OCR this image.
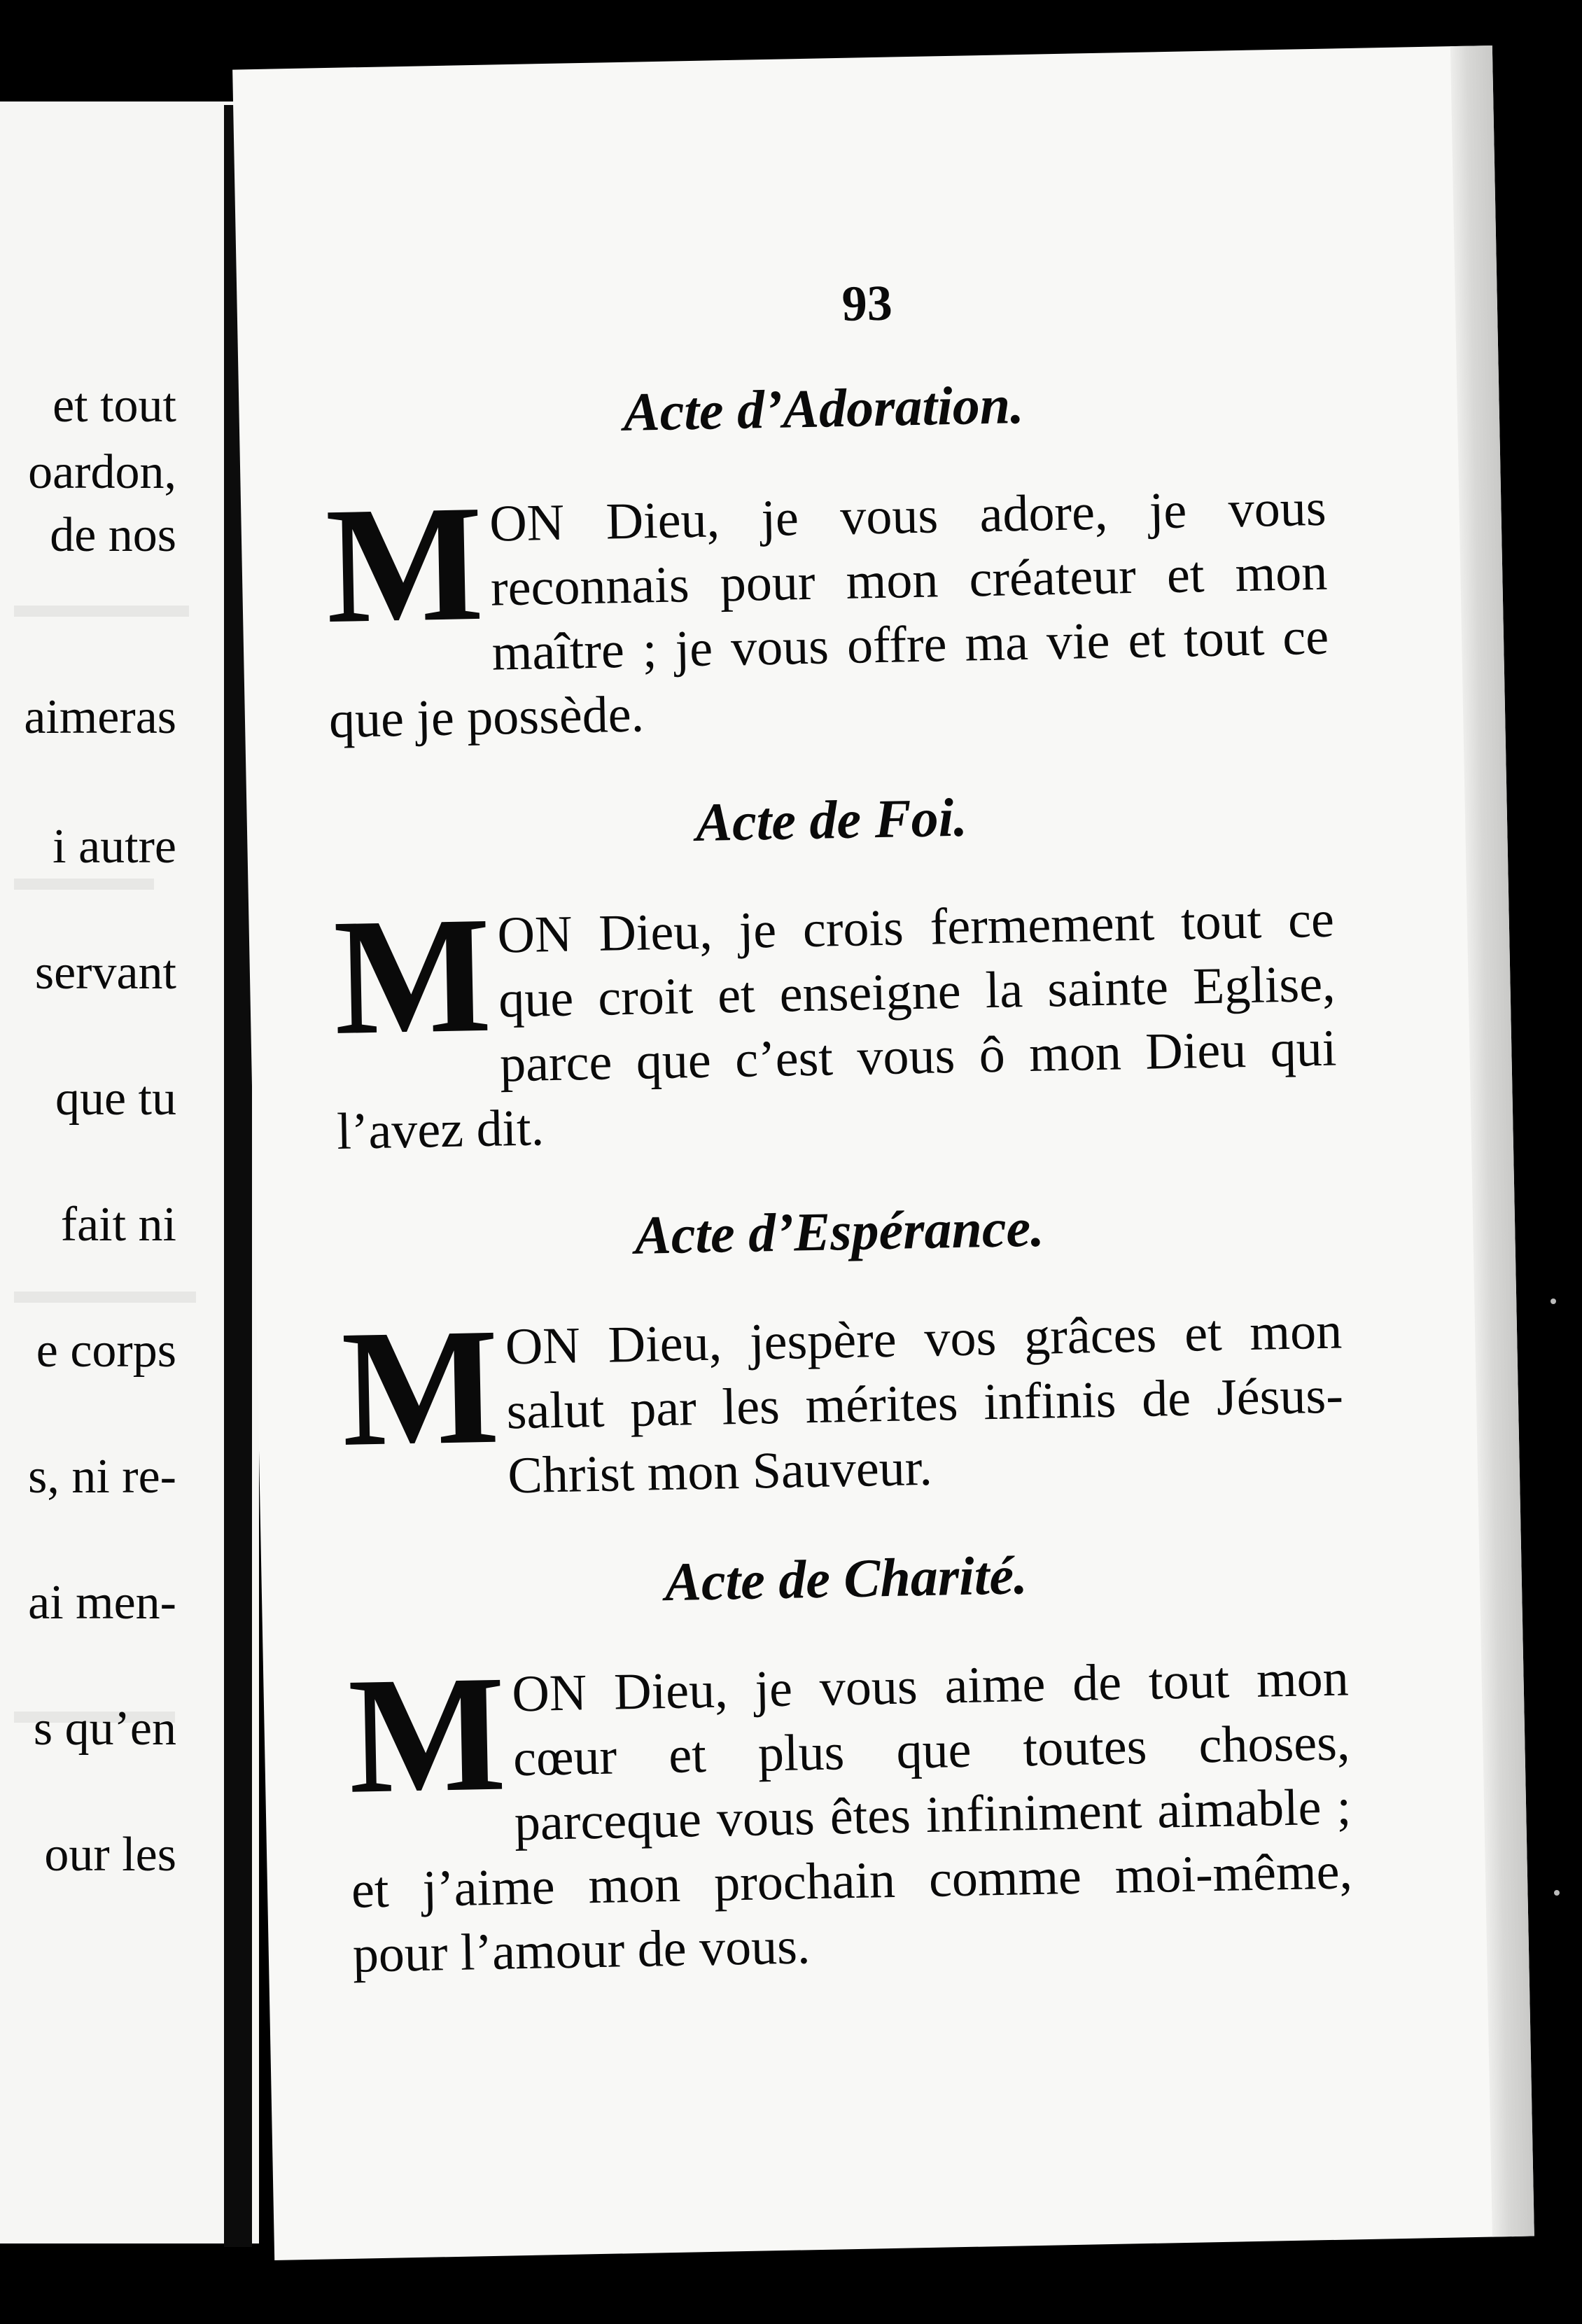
et tout
oardon,
de nos
aimeras
i autre
servant
que tu
fait ni
e corps
s, ni re-
ai men-
s qu’en
our les
93
Acte d’Adoration.
M ON Dieu, je vous adore, je vous reconnais pour mon créateur et mon maître ; je vous offre ma vie et tout ce que je possède.
Acte de Foi.
M ON Dieu, je crois fermement tout ce que croit et enseigne la sainte Eglise, parce que c’est vous ô mon Dieu qui l’avez dit.
Acte d’Espérance.
M ON Dieu, jespère vos grâces et mon salut par les mérites infinis de Jésus-Christ mon Sauveur.
Acte de Charité.
M ON Dieu, je vous aime de tout mon cœur et plus que toutes choses, parceque vous êtes infiniment aimable ; et j’aime mon prochain comme moi-même, pour l’amour de vous.
